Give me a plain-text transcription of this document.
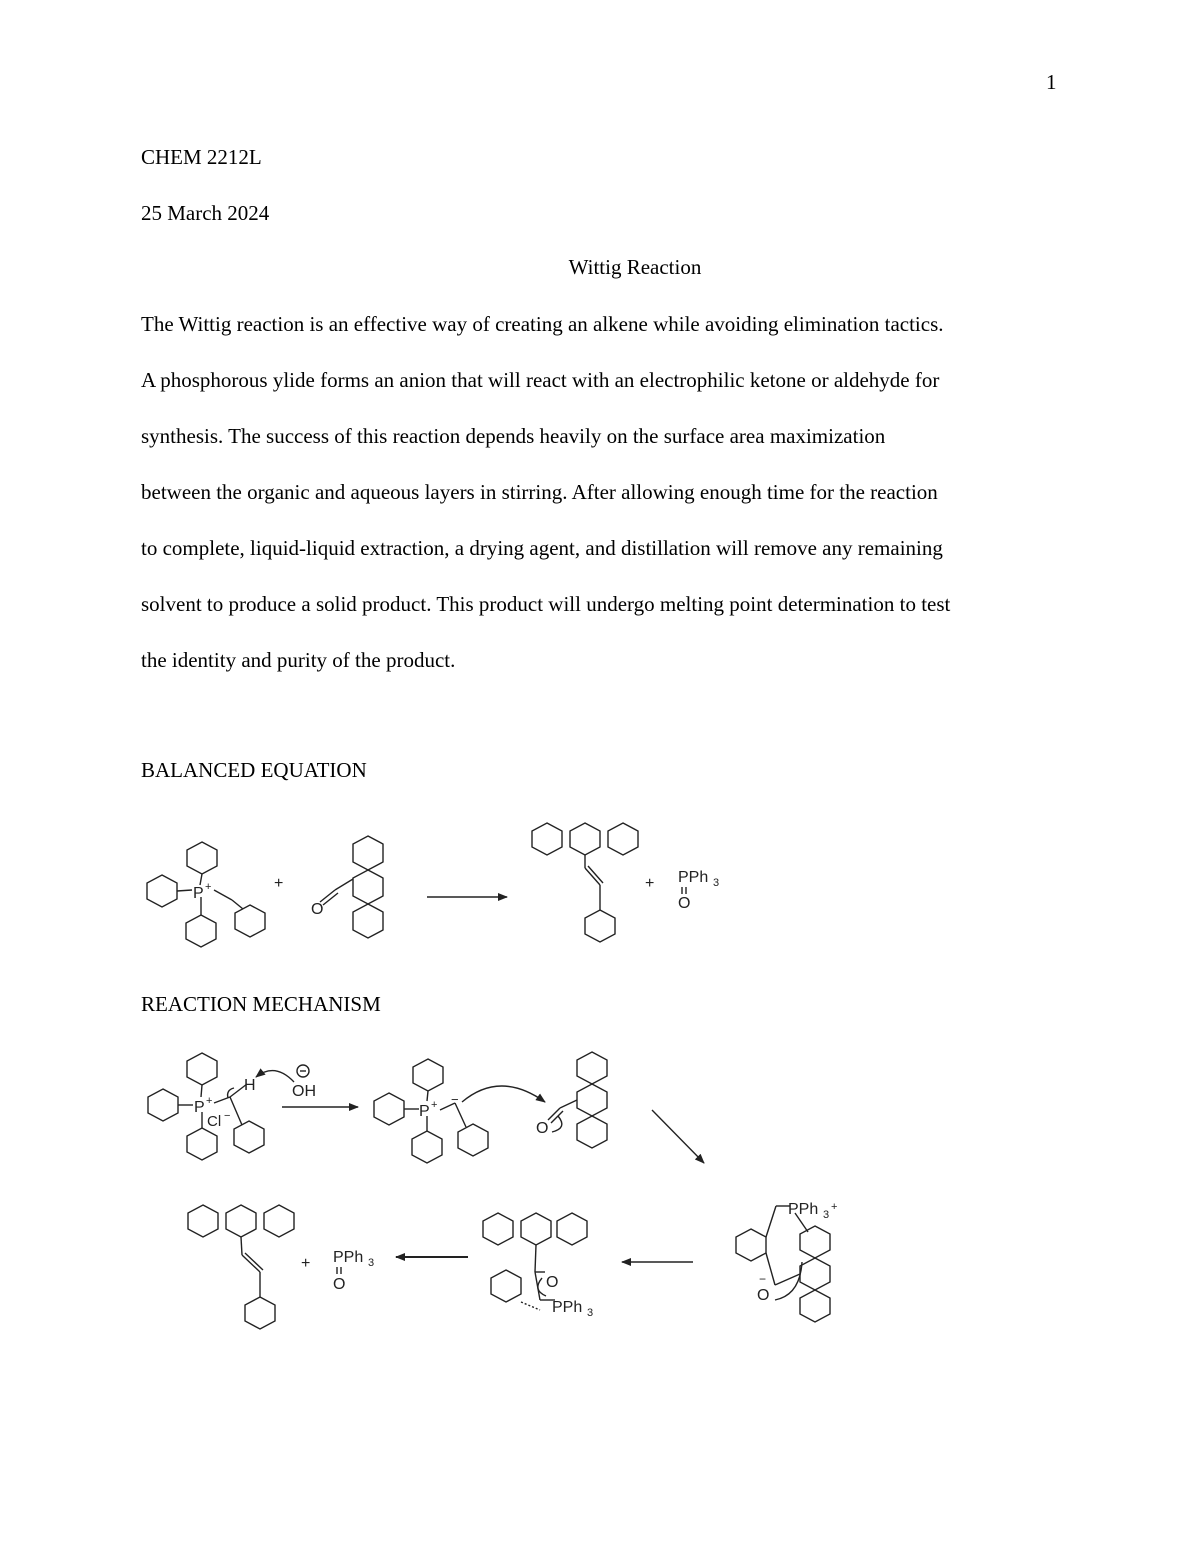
1
CHEM 2212L
25 March 2024
Wittig Reaction
The Wittig reaction is an effective way of creating an alkene while avoiding elimination tactics.
A phosphorous ylide forms an anion that will react with an electrophilic ketone or aldehyde for
synthesis. The success of this reaction depends heavily on the surface area maximization
between the organic and aqueous layers in stirring. After allowing enough time for the reaction
to complete, liquid-liquid extraction, a drying agent, and distillation will remove any remaining
solvent to produce a solid product. This product will undergo melting point determination to test
the identity and purity of the product.
BALANCED EQUATION
REACTION MECHANISM
P +	+
O
+ PPh 3
O
P +
Cl −
H OH
P + −
O
PPh 3
+
−
O
O
PPh 3
+ PPh 3
O
